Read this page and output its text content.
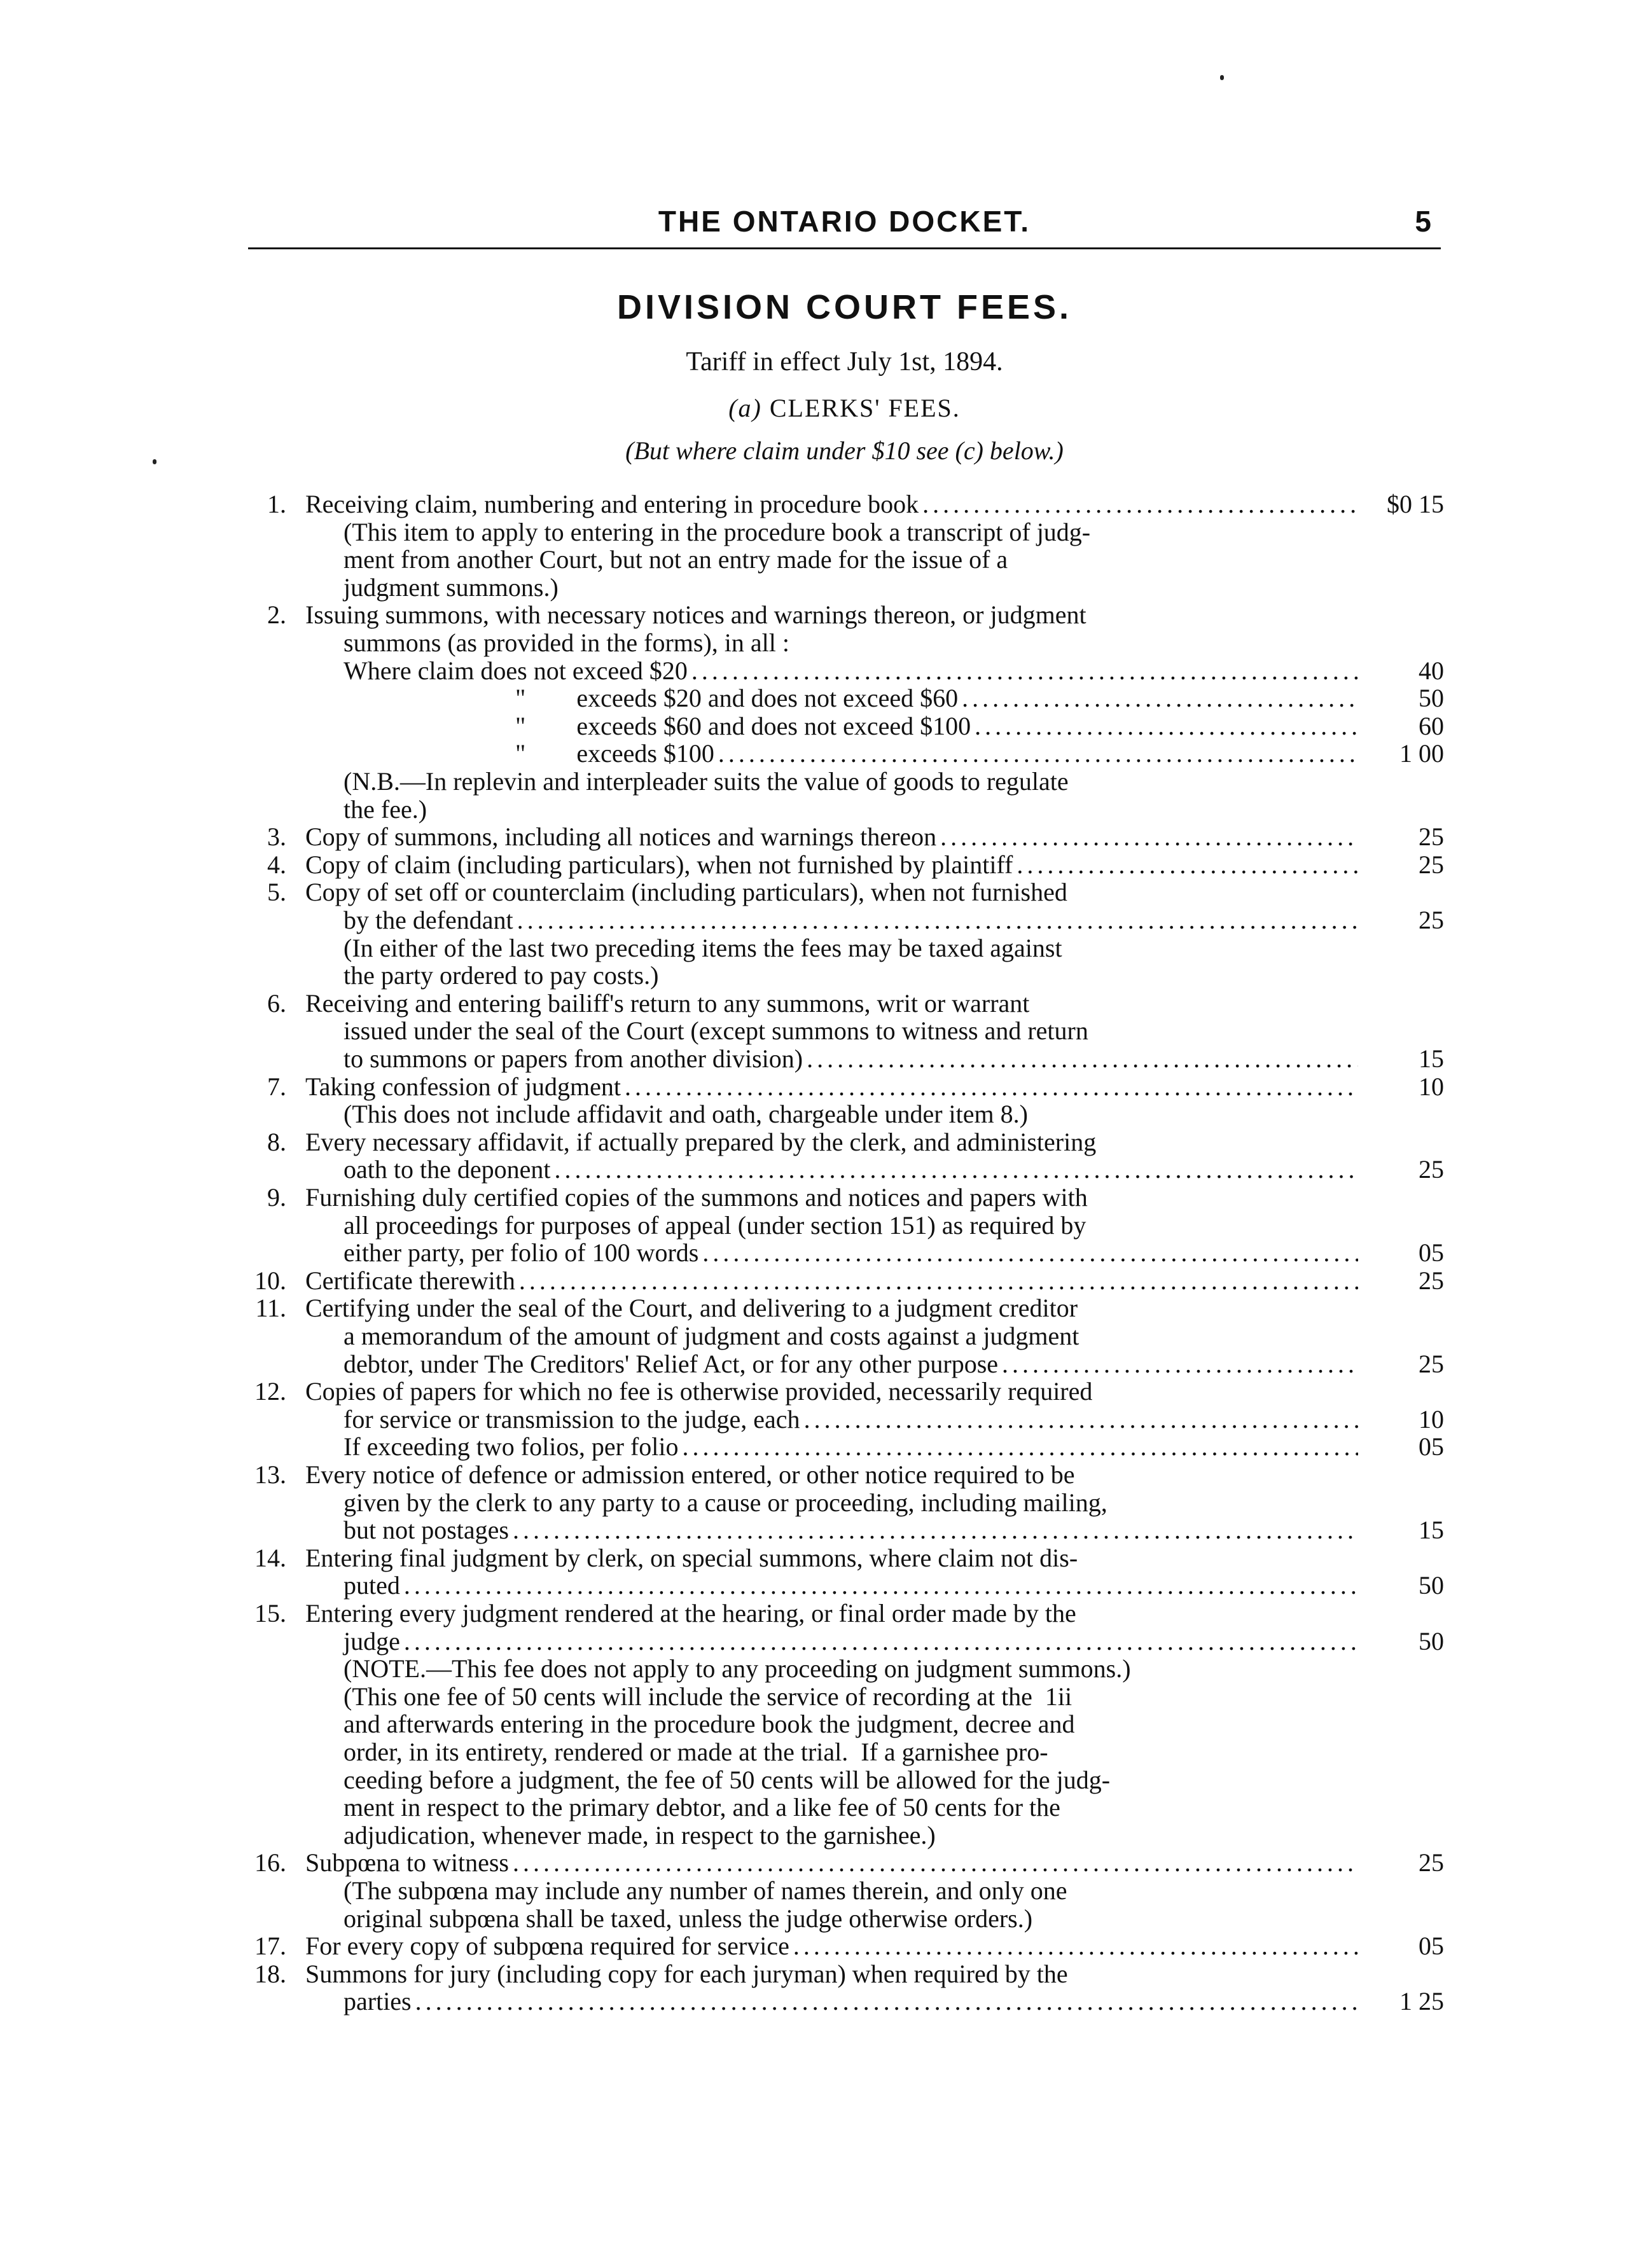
THE ONTARIO DOCKET.	5
DIVISION COURT FEES.
Tariff in effect July 1st, 1894.
(a) CLERKS' FEES.
(But where claim under $10 see (c) below.)
1. Receiving claim, numbering and entering in procedure book . . .	$0 15
(This item to apply to entering in the procedure book a transcript of judg-
ment from another Court, but not an entry made for the issue of a
judgment summons.)
2. Issuing summons, with necessary notices and warnings thereon, or judgment
summons (as provided in the forms), in all :
Where claim does not exceed $20 . . .	40
"        exceeds $20 and does not exceed $60 . . .	50
"        exceeds $60 and does not exceed $100 . . .	60
"        exceeds $100 . . .	1 00
(N.B.—In replevin and interpleader suits the value of goods to regulate
the fee.)
3. Copy of summons, including all notices and warnings thereon . . .	25
4. Copy of claim (including particulars), when not furnished by plaintiff . . .	25
5. Copy of set off or counterclaim (including particulars), when not furnished
by the defendant . . .	25
(In either of the last two preceding items the fees may be taxed against
the party ordered to pay costs.)
6. Receiving and entering bailiff's return to any summons, writ or warrant
issued under the seal of the Court (except summons to witness and return
to summons or papers from another division) . . .	15
7. Taking confession of judgment . . .	10
(This does not include affidavit and oath, chargeable under item 8.)
8. Every necessary affidavit, if actually prepared by the clerk, and administering
oath to the deponent . . .	25
9. Furnishing duly certified copies of the summons and notices and papers with
all proceedings for purposes of appeal (under section 151) as required by
either party, per folio of 100 words . . .	05
10. Certificate therewith . . .	25
11. Certifying under the seal of the Court, and delivering to a judgment creditor
a memorandum of the amount of judgment and costs against a judgment
debtor, under The Creditors' Relief Act, or for any other purpose . . .	25
12. Copies of papers for which no fee is otherwise provided, necessarily required
for service or transmission to the judge, each . . .	10
If exceeding two folios, per folio . . .	05
13. Every notice of defence or admission entered, or other notice required to be
given by the clerk to any party to a cause or proceeding, including mailing,
but not postages . . .	15
14. Entering final judgment by clerk, on special summons, where claim not dis-
puted . . .	50
15. Entering every judgment rendered at the hearing, or final order made by the
judge . . .	50
(NOTE.—This fee does not apply to any proceeding on judgment summons.)
(This one fee of 50 cents will include the service of recording at the  1ii
and afterwards entering in the procedure book the judgment, decree and
order, in its entirety, rendered or made at the trial.  If a garnishee pro-
ceeding before a judgment, the fee of 50 cents will be allowed for the judg-
ment in respect to the primary debtor, and a like fee of 50 cents for the
adjudication, whenever made, in respect to the garnishee.)
16. Subpœna to witness . . .	25
(The subpœna may include any number of names therein, and only one
original subpœna shall be taxed, unless the judge otherwise orders.)
17. For every copy of subpœna required for service . . .	05
18. Summons for jury (including copy for each juryman) when required by the
parties . . .	1 25
